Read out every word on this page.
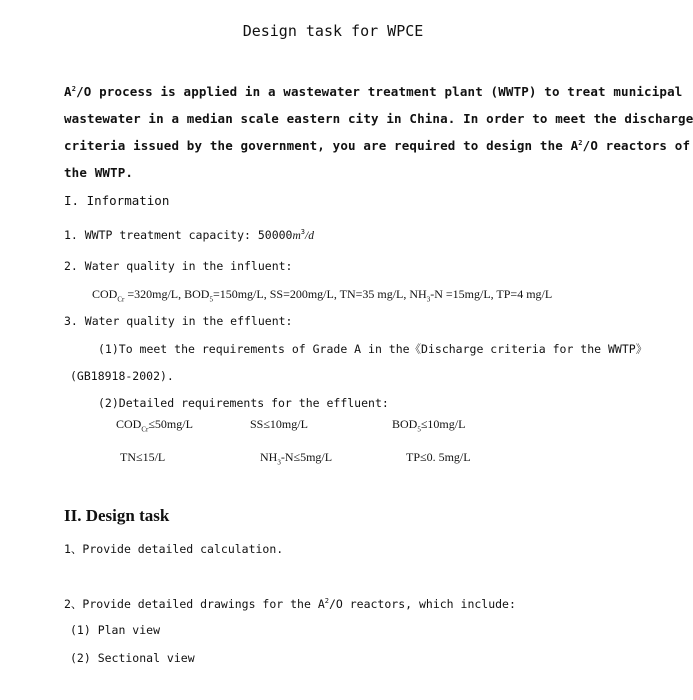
Design task for WPCE
$A^2/O$ process is applied in a wastewater treatment plant (WWTP) to treat municipal
wastewater in a median scale eastern city in China. In order to meet the discharge
criteria issued by the government, you are required to design the $A^2/O$ reactors of
the WWTP.
I. Information
1. WWTP treatment capacity: $50000m^3/d$
2. Water quality in the influent:
$COD_{Cr} =320mg/L$, $BOD_5=150mg/L$, SS=200mg/L, TN=35 mg/L, $NH_3-N =15mg/L$, TP=4 mg/L
3. Water quality in the effluent:
(1)To meet the requirements of Grade A in the《Discharge criteria for the WWTP》
(GB18918-2002).
(2)Detailed requirements for the effluent:
$COD_{Cr}\le 50mg/L$	SS≤10mg/L	$BOD_5\le 10mg/L$
TN≤15/L	$NH_3-N\le 5mg/L$	TP≤0. 5mg/L
II. Design task
1、Provide detailed calculation.
2、Provide detailed drawings for the $A^2/O$ reactors, which include:
(1) Plan view
(2) Sectional view
